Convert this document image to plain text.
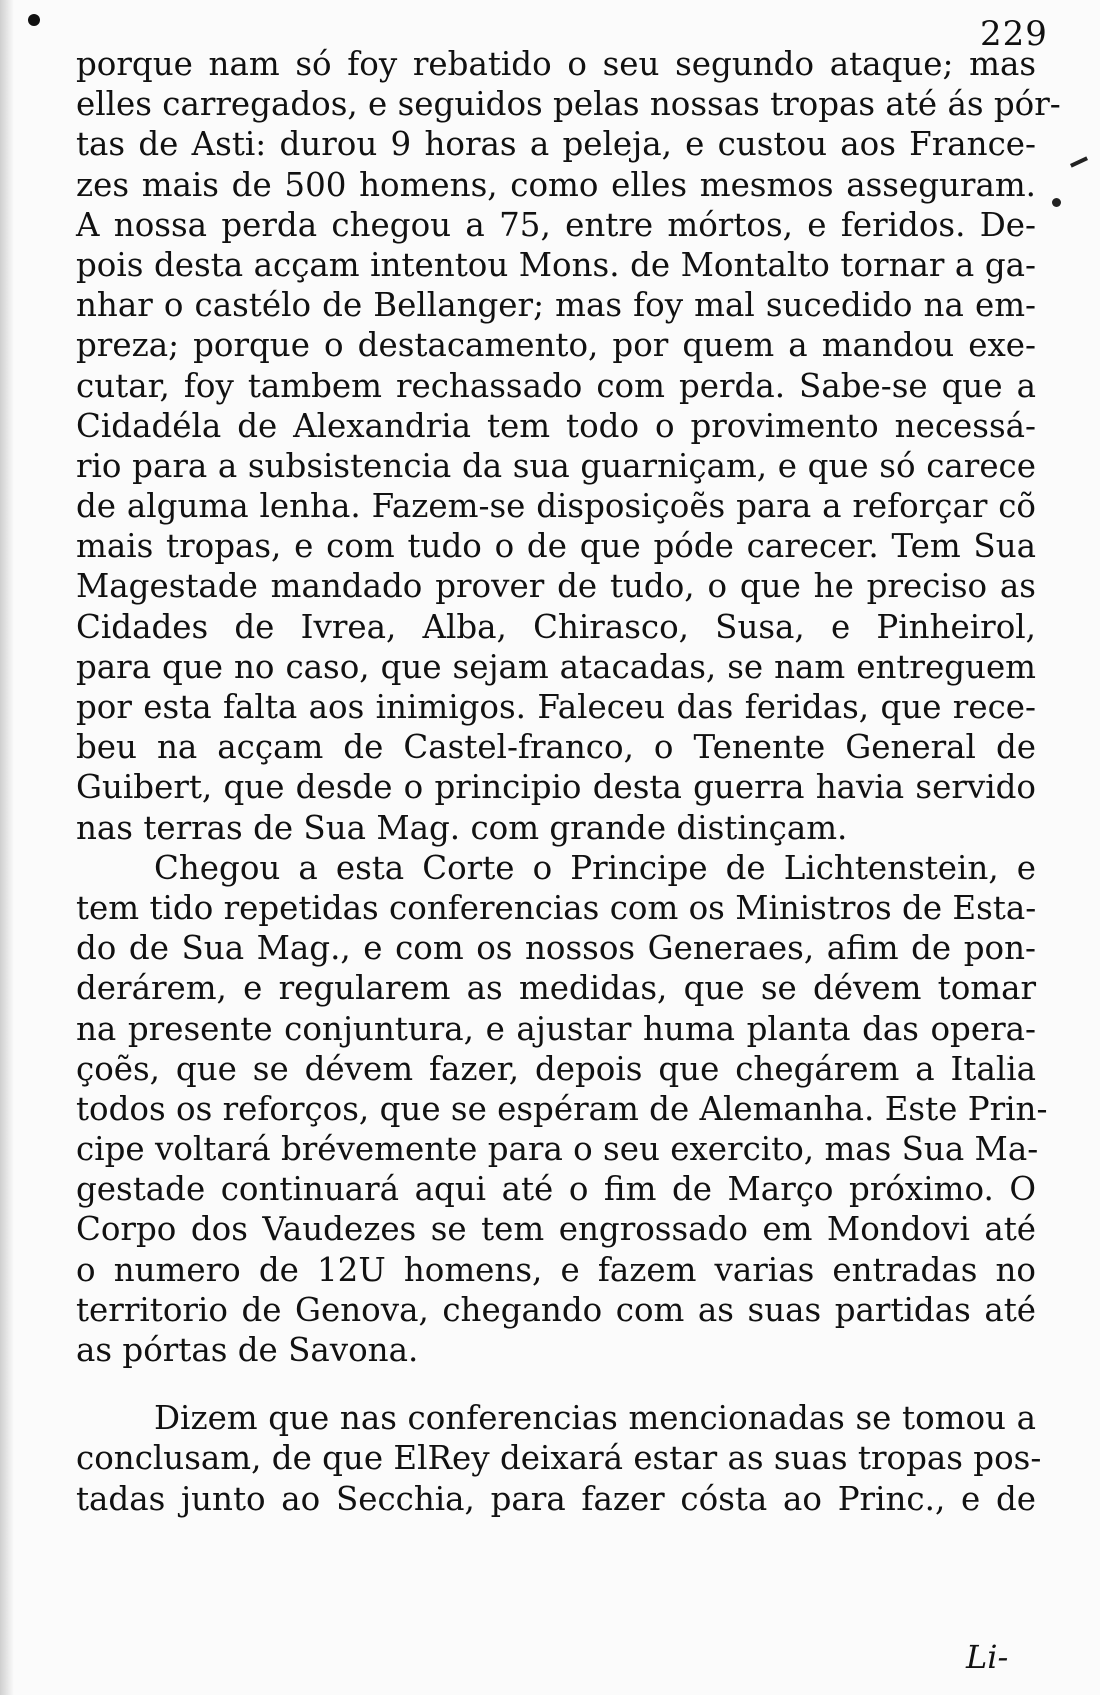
229
porque nam só foy rebatido o seu segundo ataque; mas
elles carregados, e seguidos pelas nossas tropas até ás pór-
tas de Asti: durou 9 horas a peleja, e custou aos France-
zes mais de 500 homens, como elles mesmos asseguram.
A nossa perda chegou a 75, entre mórtos, e feridos. De-
pois desta acçam intentou Mons. de Montalto tornar a ga-
nhar o castélo de Bellanger; mas foy mal sucedido na em-
preza; porque o destacamento, por quem a mandou exe-
cutar, foy tambem rechassado com perda. Sabe-se que a
Cidadéla de Alexandria tem todo o provimento necessá-
rio para a subsistencia da sua guarniçam, e que só carece
de alguma lenha. Fazem-se disposiçoẽs para a reforçar cõ
mais tropas, e com tudo o de que póde carecer. Tem Sua
Magestade mandado prover de tudo, o que he preciso as
Cidades de Ivrea, Alba, Chirasco, Susa, e Pinheirol,
para que no caso, que sejam atacadas, se nam entreguem
por esta falta aos inimigos. Faleceu das feridas, que rece-
beu na acçam de Castel-franco, o Tenente General de
Guibert, que desde o principio desta guerra havia servido
nas terras de Sua Mag. com grande distinçam.
Chegou a esta Corte o Principe de Lichtenstein, e
tem tido repetidas conferencias com os Ministros de Esta-
do de Sua Mag., e com os nossos Generaes, afim de pon-
derárem, e regularem as medidas, que se dévem tomar
na presente conjuntura, e ajustar huma planta das opera-
çoẽs, que se dévem fazer, depois que chegárem a Italia
todos os reforços, que se espéram de Alemanha. Este Prin-
cipe voltará brévemente para o seu exercito, mas Sua Ma-
gestade continuará aqui até o fim de Março próximo. O
Corpo dos Vaudezes se tem engrossado em Mondovi até
o numero de 12U homens, e fazem varias entradas no
territorio de Genova, chegando com as suas partidas até
as pórtas de Savona.
Dizem que nas conferencias mencionadas se tomou a
conclusam, de que ElRey deixará estar as suas tropas pos-
tadas junto ao Secchia, para fazer cósta ao Princ., e de
Li-
